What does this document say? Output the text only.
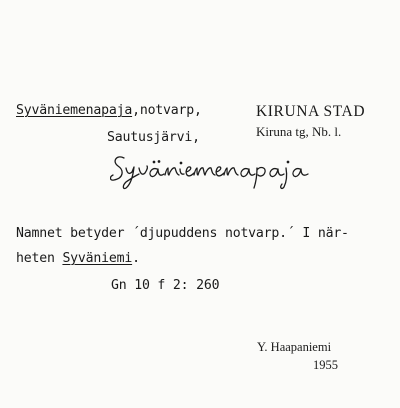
Syväniemenapaja,notvarp,
Sautusjärvi,
KIRUNA STAD
Kiruna tg, Nb. l.
Namnet betyder ´djupuddens notvarp.´ I när-
heten Syväniemi.
Gn 10 f 2: 260
Y. Haapaniemi
1955
